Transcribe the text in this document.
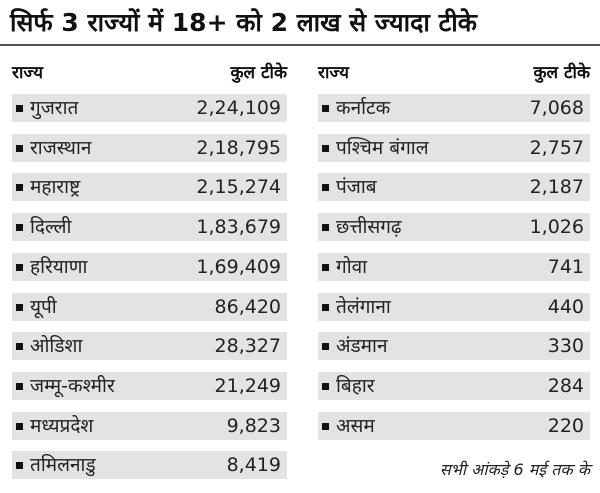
सिर्फ 3 राज्यों में 18+ को 2 लाख से ज्यादा टीके
राज्य	कुल टीके
गुजरात	2,24,109
राजस्थान	2,18,795
महाराष्ट्र	2,15,274
दिल्ली	1,83,679
हरियाणा	1,69,409
यूपी	86,420
ओडिशा	28,327
जम्मू-कश्मीर	21,249
मध्यप्रदेश	9,823
तमिलनाडु	8,419
राज्य	कुल टीके
कर्नाटक	7,068
पश्चिम बंगाल	2,757
पंजाब	2,187
छत्तीसगढ़	1,026
गोवा	741
तेलंगाना	440
अंडमान	330
बिहार	284
असम	220
सभी आंकड़े 6 मई तक के
